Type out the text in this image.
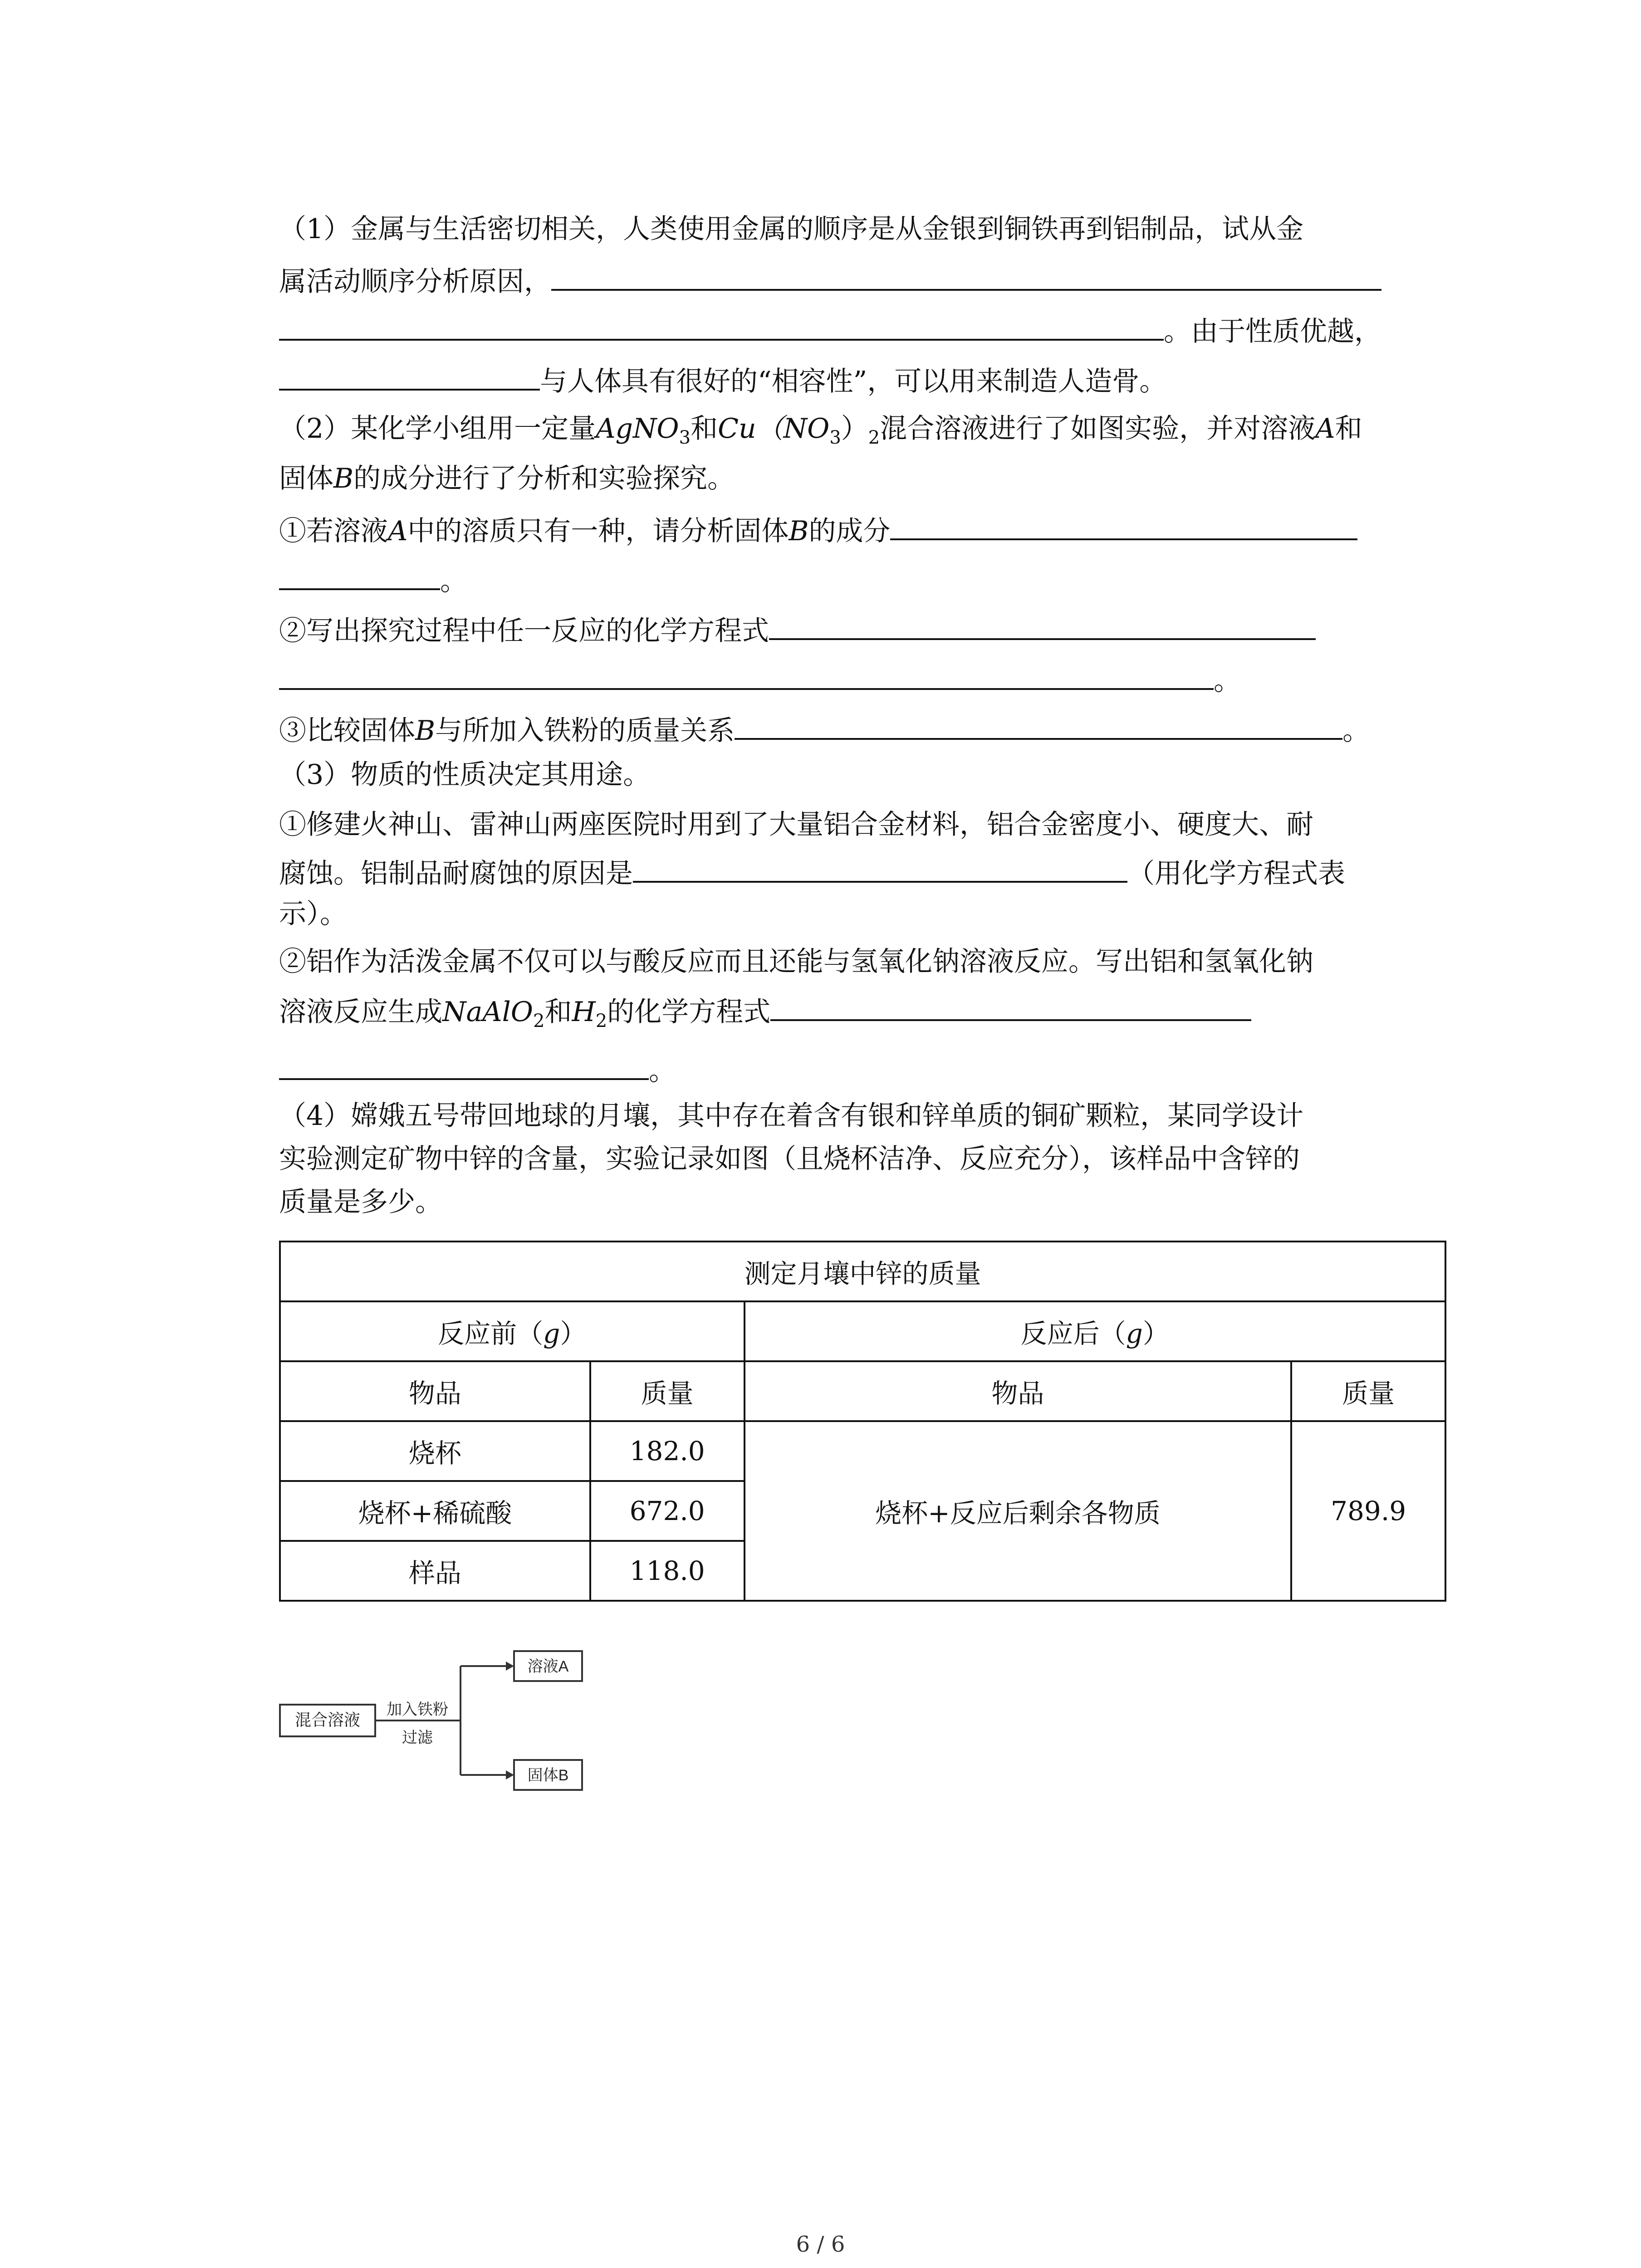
（1）金属与生活密切相关，人类使用金属的顺序是从金银到铜铁再到铝制品，试从金
属活动顺序分析原因，
。由于性质优越，
与人体具有很好的“相容性”，可以用来制造人造骨。
（2）某化学小组用一定量AgNO$_3$和$Cu(NO_3)_2$混合溶液进行了如图实验，并对溶液A和
固体B的成分进行了分析和实验探究。
①若溶液A中的溶质只有一种，请分析固体B的成分
。
②写出探究过程中任一反应的化学方程式
。
③比较固体B与所加入铁粉的质量关系	。
（3）物质的性质决定其用途。
①修建火神山、雷神山两座医院时用到了大量铝合金材料，铝合金密度小、硬度大、耐
腐蚀。铝制品耐腐蚀的原因是	（用化学方程式表
示）。
②铝作为活泼金属不仅可以与酸反应而且还能与氢氧化钠溶液反应。写出铝和氢氧化钠
溶液反应生成NaAlO$_2$和$H_2$的化学方程式
。
（4）嫦娥五号带回地球的月壤，其中存在着含有银和锌单质的铜矿颗粒，某同学设计
实验测定矿物中锌的含量，实验记录如图（且烧杯洁净、反应充分），该样品中含锌的
质量是多少。
测定月壤中锌的质量			
反应前（g）		反应后（g）	
物品	质量	物品	质量
烧杯	182.0	烧杯+反应后剩余各物质	789.9
烧杯+稀硫酸	672.0		
样品	118.0		
混合溶液
加入铁粉
过滤
溶液A
固体B
6 / 6
